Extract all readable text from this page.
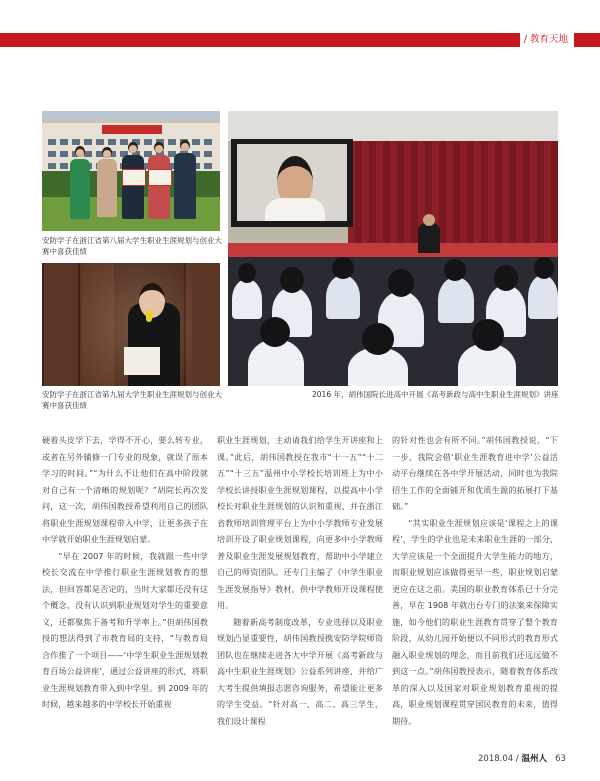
/ 教育天地
安防学子在浙江省第八届大学生职业生涯规划与创业大赛中喜获佳绩
安防学子在浙江省第九届大学生职业生涯规划与创业大赛中喜获佳绩
2016 年，胡伟国院长进高中开展《高考新政与高中生职业生涯规划》讲座

硬着头皮学下去，学得不开心，要么转专业，或者在另外辅修一门专业的现象，就误了原本学习的时间。”“为什么不让他们在高中阶段就对自己有一个清晰的规划呢？”胡院长再次发问，这一次，胡伟国教授希望利用自己的团队将职业生涯规划课程带入中学，让更多孩子在中学就开始职业生涯规划启蒙。

“早在 2007 年的时候，我就跟一些中学校长交流在中学推行职业生涯规划教育的想法，但回答都是否定的，当时大家都还没有这个概念，没有认识到职业规划对学生的重要意义，还都聚焦于备考和升学率上。”但胡伟国教授的想法得到了市教育局的支持，“与教育局合作推了一个项目——‘中学生职业生涯规划教育百场公益讲座’，通过公益讲座的形式，将职业生涯规划教育带入到中学里。到 2009 年的时候，越来越多的中学校长开始重视

职业生涯规划，主动请我们给学生开讲座和上课。”此后，胡伟国教授在我市“十一五”“十二五”“十三五”温州中小学校长培训班上为中小学校长讲授职业生涯规划课程，以提高中小学校长对职业生涯规划的认识和重视，并在浙江省教师培训管理平台上为中小学教师专业发展培训开设了职业规划课程，向更多中小学教师普及职业生涯发展规划教育，帮助中小学建立自己的师资团队。还专门主编了《中学生职业生涯发展指导》教材，供中学教师开设课程使用。

随着新高考制度改革，专业选择以及职业规划凸显重要性，胡伟国教授携安防学院师资团队也在继续走进各大中学开展《高考新政与高中生职业生涯规划》公益系列讲座，并给广大考生提供填报志愿咨询服务，希望能让更多的学生受益。“针对高一、高二、高三学生，我们设计课程

的针对性也会有所不同。”胡伟国教授说，“下一步，我院会借‘职业生涯教育进中学’公益活动平台继续在各中学开展活动，同时也为我院招生工作的全面铺开和优质生源的拓展打下基础。”

“其实职业生涯规划应该是‘课程之上的课程’，学生的学业也是未来职业生涯的一部分，大学应该是一个全面提升大学生能力的地方，而职业规划应该做得更早一些，职业规划启蒙更应在这之前。美国的职业教育体系已十分完善，早在 1908 年就出台专门的法案来保障实施，如今他们的职业生涯教育贯穿了整个教育阶段，从幼儿园开始便以不同形式的教育形式融入职业规划的理念，而目前我们还远远做不到这一点。”胡伟国教授表示，随着教育体系改革的深入以及国家对职业规划教育重视的提高，职业规划课程贯穿国民教育的未来，值得期待。

2018.04 / 温州人 63
